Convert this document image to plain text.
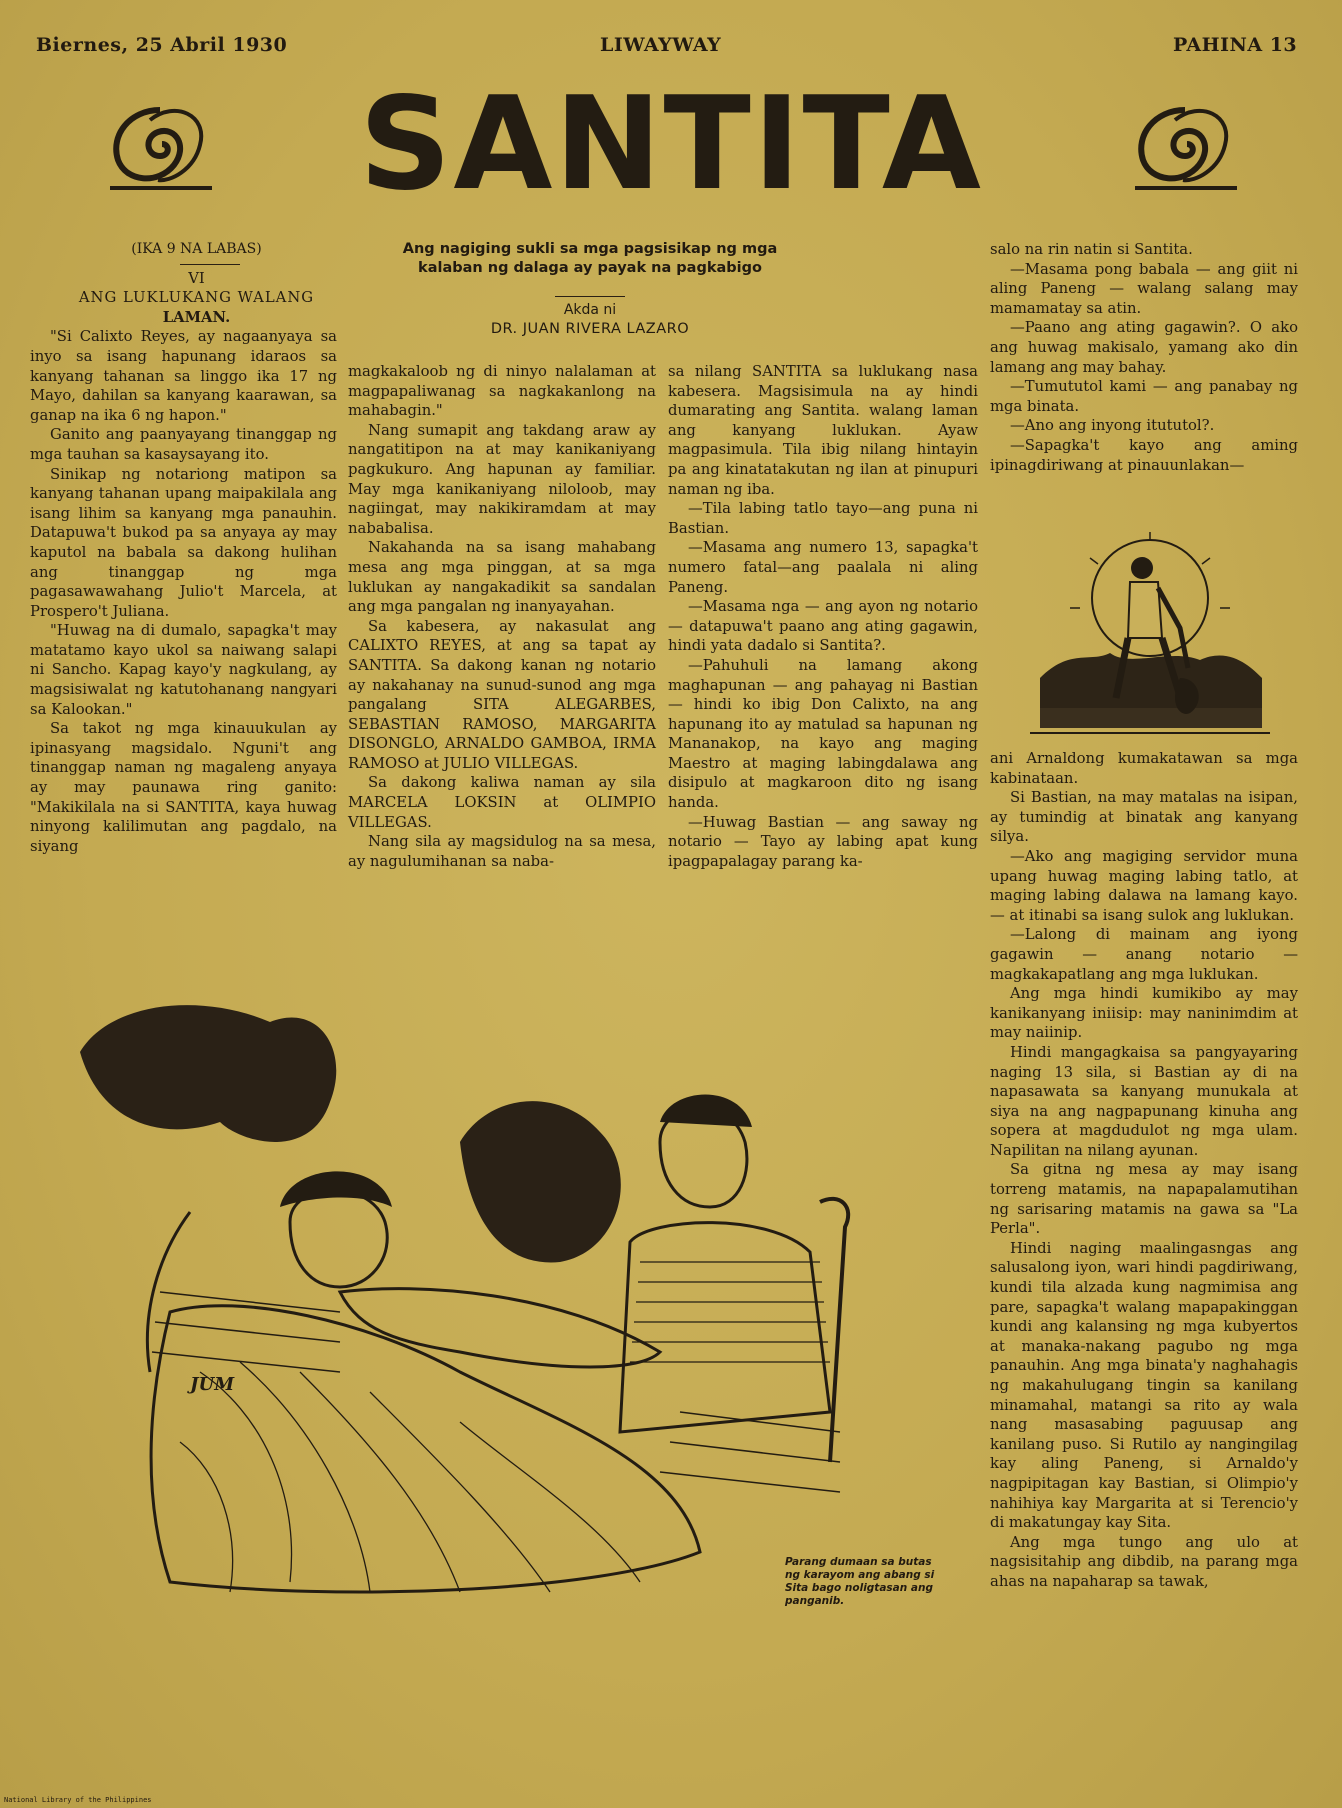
Biernes, 25 Abril 1930	LIWAYWAY	PAHINA 13
SANTITA
Ang nagiging sukli sa mga pagsisikap ng mga kalaban ng dalaga ay payak na pagkabigo
Akda ni
DR. JUAN RIVERA LAZARO
(IKA 9 NA LABAS)
VI
ANG LUKLUKANG WALANG
LAMAN.

"Si Calixto Reyes, ay nagaanyaya sa inyo sa isang hapunang idaraos sa kanyang tahanan sa linggo ika 17 ng Mayo, dahilan sa kanyang kaarawan, sa ganap na ika 6 ng hapon."

Ganito ang paanyayang tinanggap ng mga tauhan sa kasaysayang ito.

Sinikap ng notariong matipon sa kanyang tahanan upang maipakilala ang isang lihim sa kanyang mga panauhin. Datapuwa't bukod pa sa anyaya ay may kaputol na babala sa dakong hulihan ang tinanggap ng mga pagasawawahang Julio't Marcela, at Prospero't Juliana.

"Huwag na di dumalo, sapagka't may matatamo kayo ukol sa naiwang salapi ni Sancho. Kapag kayo'y nagkulang, ay magsisiwalat ng katutohanang nangyari sa Kalookan."

Sa takot ng mga kinauukulan ay ipinasyang magsidalo. Nguni't ang tinanggap naman ng magaleng anyaya ay may paunawa ring ganito: "Makikilala na si SANTITA, kaya huwag ninyong kalilimutan ang pagdalo, na siyang

magkakaloob ng di ninyo nalalaman at magpapaliwanag sa nagkakanlong na mahabagin."

Nang sumapit ang takdang araw ay nangatitipon na at may kanikaniyang pagkukuro. Ang hapunan ay familiar. May mga kanikaniyang niloloob, may nagiingat, may nakikiramdam at may nababalisa.

Nakahanda na sa isang mahabang mesa ang mga pinggan, at sa mga luklukan ay nangakadikit sa sandalan ang mga pangalan ng inanyayahan.

Sa kabesera, ay nakasulat ang CALIXTO REYES, at ang sa tapat ay SANTITA. Sa dakong kanan ng notario ay nakahanay na sunud-sunod ang mga pangalang SITA ALEGARBES, SEBASTIAN RAMOSO, MARGARITA DISONGLO, ARNALDO GAMBOA, IRMA RAMOSO at JULIO VILLEGAS.

Sa dakong kaliwa naman ay sila MARCELA LOKSIN at OLIMPIO VILLEGAS.

Nang sila ay magsidulog na sa mesa, ay nagulumihanan sa naba-

sa nilang SANTITA sa luklukang nasa kabesera. Magsisimula na ay hindi dumarating ang Santita. walang laman ang kanyang luklukan. Ayaw magpasimula. Tila ibig nilang hintayin pa ang kinatatakutan ng ilan at pinupuri naman ng iba.

—Tila labing tatlo tayo—ang puna ni Bastian.

—Masama ang numero 13, sapagka't numero fatal—ang paalala ni aling Paneng.

—Masama nga — ang ayon ng notario — datapuwa't paano ang ating gagawin, hindi yata dadalo si Santita?.

—Pahuhuli na lamang akong maghapunan — ang pahayag ni Bastian — hindi ko ibig Don Calixto, na ang hapunang ito ay matulad sa hapunan ng Mananakop, na kayo ang maging Maestro at maging labingdalawa ang disipulo at magkaroon dito ng isang handa.

—Huwag Bastian — ang saway ng notario — Tayo ay labing apat kung ipagpapalagay parang ka-

salo na rin natin si Santita.

—Masama pong babala — ang giit ni aling Paneng — walang salang may mamamatay sa atin.

—Paano ang ating gagawin?. O ako ang huwag makisalo, yamang ako din lamang ang may bahay.

—Tumututol kami — ang panabay ng mga binata.

—Ano ang inyong itututol?.

—Sapagka't kayo ang aming ipinagdiriwang at pinauunlakan—

ani Arnaldong kumakatawan sa mga kabinataan.

Si Bastian, na may matalas na isipan, ay tumindig at binatak ang kanyang silya.

—Ako ang magiging servidor muna upang huwag maging labing tatlo, at maging labing dalawa na lamang kayo. — at itinabi sa isang sulok ang luklukan.

—Lalong di mainam ang iyong gagawin — anang notario — magkakapatlang ang mga luklukan.

Ang mga hindi kumikibo ay may kanikanyang iniisip: may naninimdim at may naiinip.

Hindi mangagkaisa sa pangyayaring naging 13 sila, si Bastian ay di na napasawata sa kanyang munukala at siya na ang nagpapunang kinuha ang sopera at magdudulot ng mga ulam. Napilitan na nilang ayunan.

Sa gitna ng mesa ay may isang torreng matamis, na napapalamutihan ng sarisaring matamis na gawa sa "La Perla".

Hindi naging maalingasngas ang salusalong iyon, wari hindi pagdiriwang, kundi tila alzada kung nagmimisa ang pare, sapagka't walang mapapakinggan kundi ang kalansing ng mga kubyertos at manaka-nakang pagubo ng mga panauhin. Ang mga binata'y naghahagis ng makahulugang tingin sa kanilang minamahal, matangi sa rito ay wala nang masasabing paguusap ang kanilang puso. Si Rutilo ay nangingilag kay aling Paneng, si Arnaldo'y nagpipitagan kay Bastian, si Olimpio'y nahihiya kay Margarita at si Terencio'y di makatungay kay Sita.

Ang mga tungo ang ulo at nagsisitahip ang dibdib, na parang mga ahas na napaharap sa tawak,

JUM
Parang dumaan sa butas ng karayom ang abang si Sita bago noligtasan ang panganib.
National Library of the Philippines
